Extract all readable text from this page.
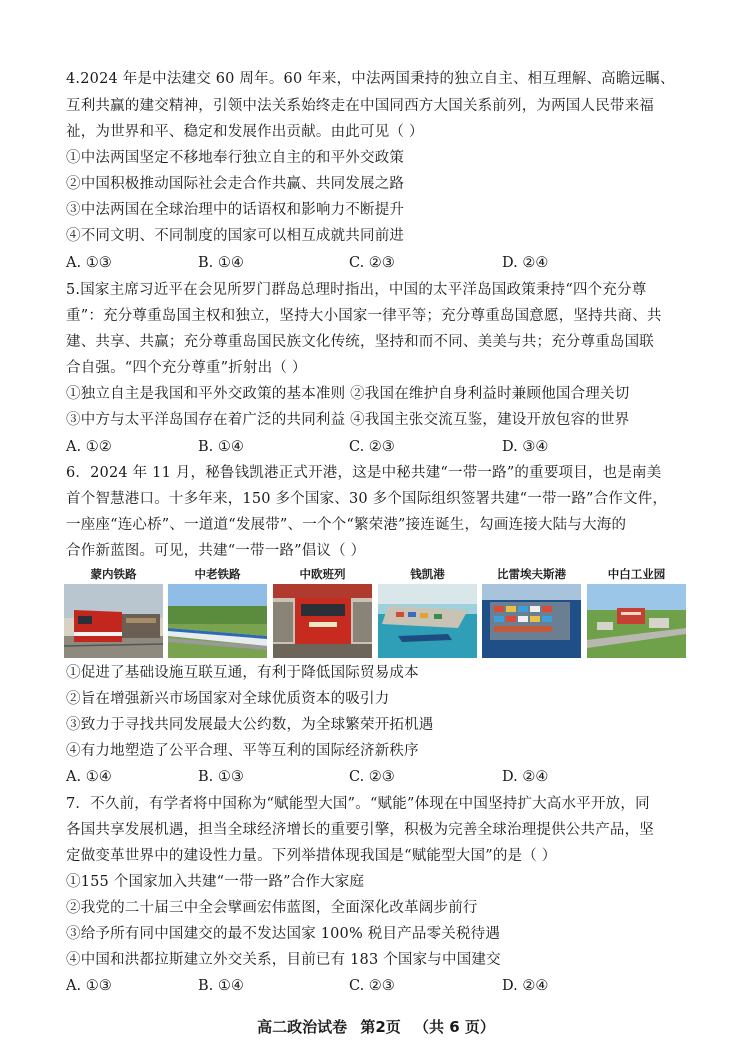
4.2024 年是中法建交 60 周年。60 年来，中法两国秉持的独立自主、相互理解、高瞻远瞩、
互利共赢的建交精神，引领中法关系始终走在中国同西方大国关系前列，为两国人民带来福
祉，为世界和平、稳定和发展作出贡献。由此可见（ ）
①中法两国坚定不移地奉行独立自主的和平外交政策
②中国积极推动国际社会走合作共赢、共同发展之路
③中法两国在全球治理中的话语权和影响力不断提升
④不同文明、不同制度的国家可以相互成就共同前进
A. ①③	B. ①④	C. ②③	D. ②④
5.国家主席习近平在会见所罗门群岛总理时指出，中国的太平洋岛国政策秉持“四个充分尊
重”：充分尊重岛国主权和独立，坚持大小国家一律平等；充分尊重岛国意愿，坚持共商、共
建、共享、共赢；充分尊重岛国民族文化传统，坚持和而不同、美美与共；充分尊重岛国联
合自强。“四个充分尊重”折射出（ ）
①独立自主是我国和平外交政策的基本准则 ②我国在维护自身利益时兼顾他国合理关切
③中方与太平洋岛国存在着广泛的共同利益 ④我国主张交流互鉴，建设开放包容的世界
A. ①②	B. ①④	C. ②③	D. ③④
6．2024 年 11 月，秘鲁钱凯港正式开港，这是中秘共建“一带一路”的重要项目，也是南美
首个智慧港口。十多年来，150 多个国家、30 多个国际组织签署共建“一带一路”合作文件，
一座座“连心桥”、一道道“发展带”、一个个“繁荣港”接连诞生，勾画连接大陆与大海的
合作新蓝图。可见，共建“一带一路”倡议（ ）
蒙内铁路	中老铁路	中欧班列	钱凯港	比雷埃夫斯港	中白工业园
①促进了基础设施互联互通，有利于降低国际贸易成本
②旨在增强新兴市场国家对全球优质资本的吸引力
③致力于寻找共同发展最大公约数，为全球繁荣开拓机遇
④有力地塑造了公平合理、平等互利的国际经济新秩序
A. ①④	B. ①③	C. ②③	D. ②④
7．不久前，有学者将中国称为“赋能型大国”。“赋能”体现在中国坚持扩大高水平开放，同
各国共享发展机遇，担当全球经济增长的重要引擎，积极为完善全球治理提供公共产品，坚
定做变革世界中的建设性力量。下列举措体现我国是“赋能型大国”的是（ ）
①155 个国家加入共建“一带一路”合作大家庭
②我党的二十届三中全会擘画宏伟蓝图，全面深化改革阔步前行
③给予所有同中国建交的最不发达国家 100% 税目产品零关税待遇
④中国和洪都拉斯建立外交关系，目前已有 183 个国家与中国建交
A. ①③	B. ①④	C. ②③	D. ②④
高二政治试卷 第2页 （共 6 页）
